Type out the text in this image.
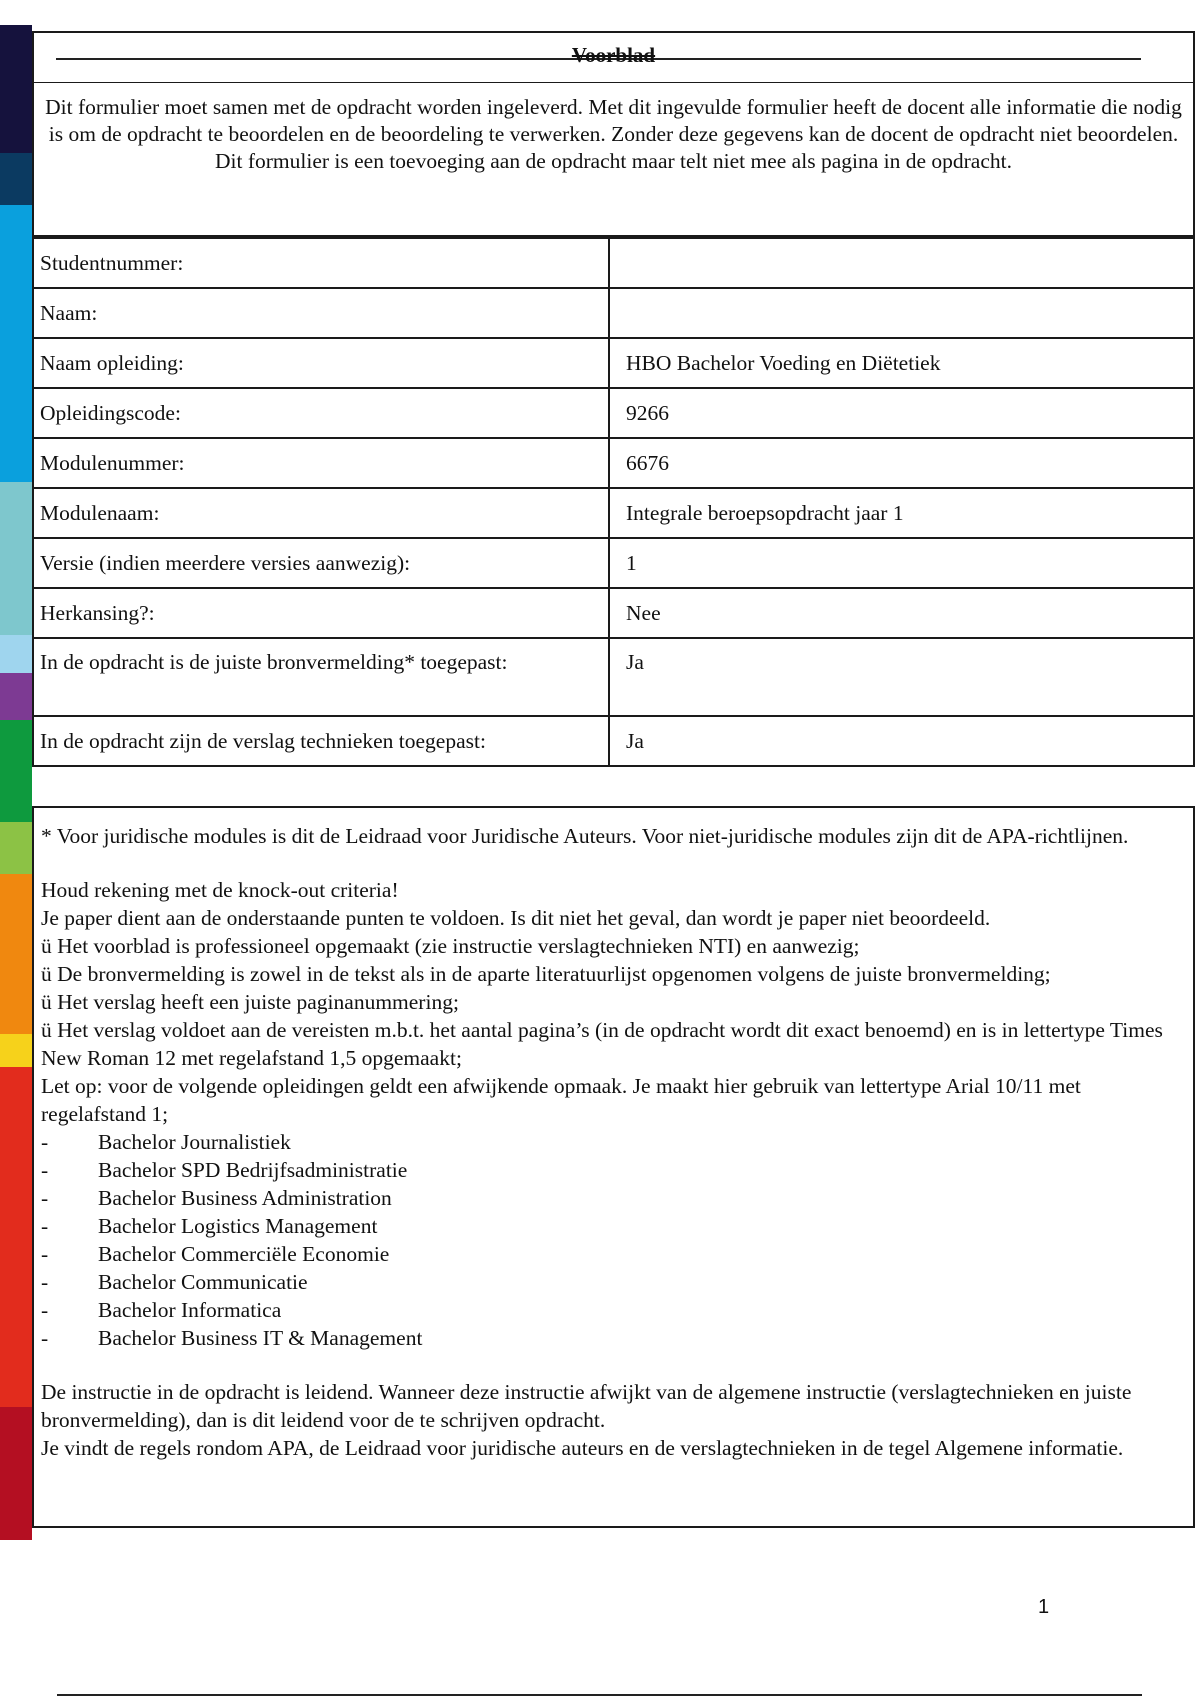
Voorblad
Dit formulier moet samen met de opdracht worden ingeleverd. Met dit ingevulde formulier heeft de docent alle informatie die nodig is om de opdracht te beoordelen en de beoordeling te verwerken. Zonder deze gegevens kan de docent de opdracht niet beoordelen.
Dit formulier is een toevoeging aan de opdracht maar telt niet mee als pagina in de opdracht.
Studentnummer:	
Naam:	
Naam opleiding:	HBO Bachelor Voeding en Diëtetiek
Opleidingscode:	9266
Modulenummer:	6676
Modulenaam:	Integrale beroepsopdracht jaar 1
Versie (indien meerdere versies aanwezig):	1
Herkansing?:	Nee
In de opdracht is de juiste bronvermelding* toegepast:	Ja
In de opdracht zijn de verslag technieken toegepast:	Ja

* Voor juridische modules is dit de Leidraad voor Juridische Auteurs. Voor niet-juridische modules zijn dit de APA-richtlijnen.

Houd rekening met de knock-out criteria!

Je paper dient aan de onderstaande punten te voldoen. Is dit niet het geval, dan wordt je paper niet beoordeeld.

ü Het voorblad is professioneel opgemaakt (zie instructie verslagtechnieken NTI) en aanwezig;

ü De bronvermelding is zowel in de tekst als in de aparte literatuurlijst opgenomen volgens de juiste bronvermelding;

ü Het verslag heeft een juiste paginanummering;

ü Het verslag voldoet aan de vereisten m.b.t. het aantal pagina’s (in de opdracht wordt dit exact benoemd) en is in lettertype Times New Roman 12 met regelafstand 1,5 opgemaakt;

Let op: voor de volgende opleidingen geldt een afwijkende opmaak. Je maakt hier gebruik van lettertype Arial 10/11 met regelafstand 1;

-	Bachelor Journalistiek
-	Bachelor SPD Bedrijfsadministratie
-	Bachelor Business Administration
-	Bachelor Logistics Management
-	Bachelor Commerciële Economie
-	Bachelor Communicatie
-	Bachelor Informatica
-	Bachelor Business IT & Management

De instructie in de opdracht is leidend. Wanneer deze instructie afwijkt van de algemene instructie (verslagtechnieken en juiste bronvermelding), dan is dit leidend voor de te schrijven opdracht.

Je vindt de regels rondom APA, de Leidraad voor juridische auteurs en de verslagtechnieken in de tegel Algemene informatie.

1
